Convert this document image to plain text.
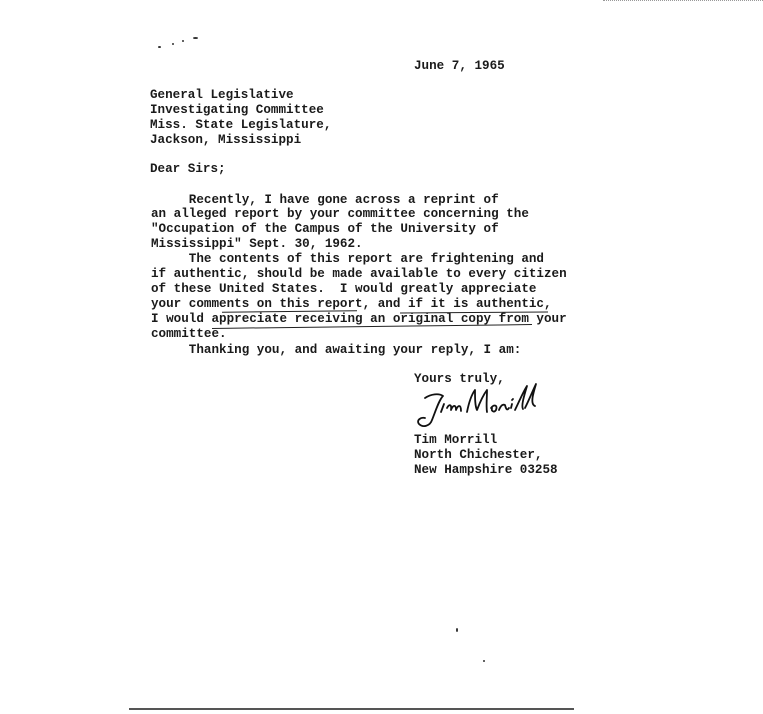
June 7, 1965
General Legislative
Investigating Committee
Miss. State Legislature,
Jackson, Mississippi
Dear Sirs;
Recently, I have gone across a reprint of
an alleged report by your committee concerning the
"Occupation of the Campus of the University of
Mississippi" Sept. 30, 1962.
The contents of this report are frightening and
if authentic, should be made available to every citizen
of these United States.  I would greatly appreciate
your comments on this report, and if it is authentic,
I would appreciate receiving an original copy from your
committee.
Thanking you, and awaiting your reply, I am:
Yours truly,
Tim Morrill
North Chichester,
New Hampshire 03258
